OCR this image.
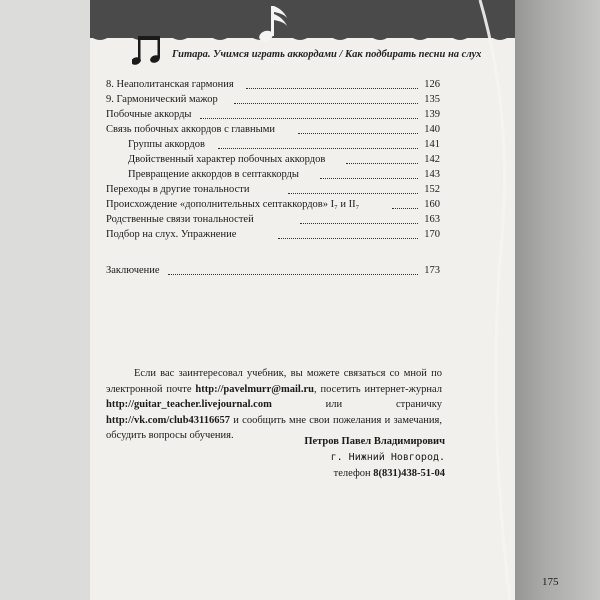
Гитара. Учимся играть аккордами / Как подбирать песни на слух
8. Неаполитанская гармония	126
9. Гармонический мажор	135
Побочные аккорды	139
Связь побочных аккордов с главными	140
Группы аккордов	141
Двойственный характер побочных аккордов	142
Превращение аккордов в септаккорды	143
Переходы в другие тональности	152
Происхождение «дополнительных септаккордов» I₇ и II₇	160
Родственные связи тональностей	163
Подбор на слух. Упражнение	170
Заключение	173

Если вас заинтересовал учебник, вы можете связаться со мной по электронной почте http://pavelmurr@mail.ru, посетить интернет-журнал http://guitar_teacher.livejournal.com или страничку http://vk.com/club43116657 и сообщить мне свои пожелания и замечания, обсудить вопросы обучения.

Петров Павел Владимирович
г. Нижний Новгород.
телефон 8(831)438-51-04
175
